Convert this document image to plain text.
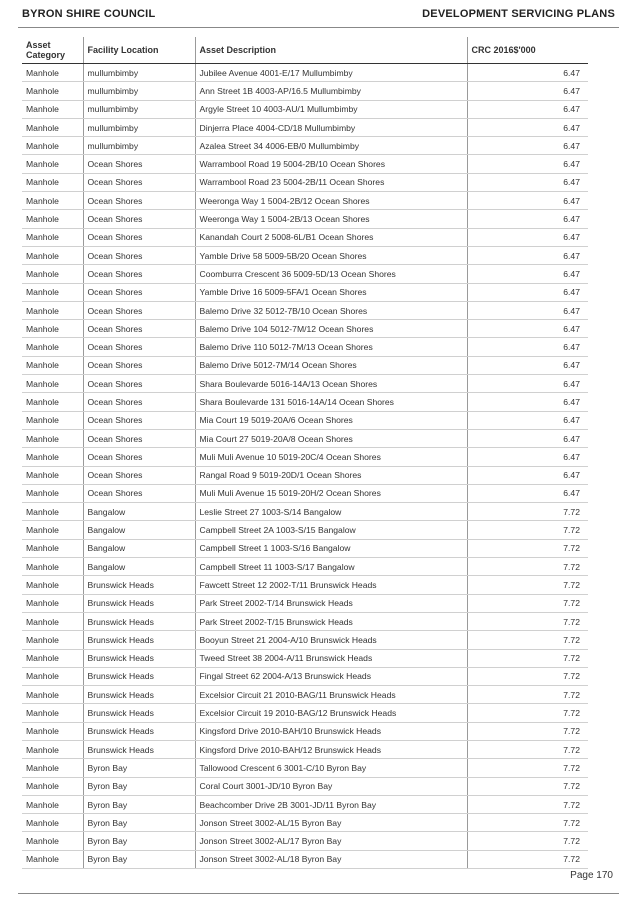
BYRON SHIRE COUNCIL	DEVELOPMENT SERVICING PLANS
Asset Category	Facility Location	Asset Description	CRC 2016$'000
Manhole	mullumbimby	Jubilee Avenue 4001-E/17 Mullumbimby	6.47
Manhole	mullumbimby	Ann Street 1B 4003-AP/16.5 Mullumbimby	6.47
Manhole	mullumbimby	Argyle Street 10 4003-AU/1 Mullumbimby	6.47
Manhole	mullumbimby	Dinjerra Place 4004-CD/18 Mullumbimby	6.47
Manhole	mullumbimby	Azalea Street 34 4006-EB/0 Mullumbimby	6.47
Manhole	Ocean Shores	Warrambool Road 19 5004-2B/10 Ocean Shores	6.47
Manhole	Ocean Shores	Warrambool Road 23 5004-2B/11 Ocean Shores	6.47
Manhole	Ocean Shores	Weeronga Way 1 5004-2B/12 Ocean Shores	6.47
Manhole	Ocean Shores	Weeronga Way 1 5004-2B/13 Ocean Shores	6.47
Manhole	Ocean Shores	Kanandah Court 2 5008-6L/B1 Ocean Shores	6.47
Manhole	Ocean Shores	Yamble Drive 58 5009-5B/20 Ocean Shores	6.47
Manhole	Ocean Shores	Coomburra Crescent 36 5009-5D/13 Ocean Shores	6.47
Manhole	Ocean Shores	Yamble Drive 16 5009-5FA/1 Ocean Shores	6.47
Manhole	Ocean Shores	Balemo Drive 32 5012-7B/10 Ocean Shores	6.47
Manhole	Ocean Shores	Balemo Drive 104 5012-7M/12 Ocean Shores	6.47
Manhole	Ocean Shores	Balemo Drive 110 5012-7M/13 Ocean Shores	6.47
Manhole	Ocean Shores	Balemo Drive 5012-7M/14 Ocean Shores	6.47
Manhole	Ocean Shores	Shara Boulevarde 5016-14A/13 Ocean Shores	6.47
Manhole	Ocean Shores	Shara Boulevarde 131 5016-14A/14 Ocean Shores	6.47
Manhole	Ocean Shores	Mia Court 19 5019-20A/6 Ocean Shores	6.47
Manhole	Ocean Shores	Mia Court 27 5019-20A/8 Ocean Shores	6.47
Manhole	Ocean Shores	Muli Muli Avenue 10 5019-20C/4 Ocean Shores	6.47
Manhole	Ocean Shores	Rangal Road 9 5019-20D/1 Ocean Shores	6.47
Manhole	Ocean Shores	Muli Muli Avenue 15 5019-20H/2 Ocean Shores	6.47
Manhole	Bangalow	Leslie Street 27 1003-S/14 Bangalow	7.72
Manhole	Bangalow	Campbell Street 2A 1003-S/15 Bangalow	7.72
Manhole	Bangalow	Campbell Street 1 1003-S/16 Bangalow	7.72
Manhole	Bangalow	Campbell Street 11 1003-S/17 Bangalow	7.72
Manhole	Brunswick Heads	Fawcett Street 12 2002-T/11 Brunswick Heads	7.72
Manhole	Brunswick Heads	Park Street 2002-T/14 Brunswick Heads	7.72
Manhole	Brunswick Heads	Park Street 2002-T/15 Brunswick Heads	7.72
Manhole	Brunswick Heads	Booyun Street 21 2004-A/10 Brunswick Heads	7.72
Manhole	Brunswick Heads	Tweed Street 38 2004-A/11 Brunswick Heads	7.72
Manhole	Brunswick Heads	Fingal Street 62 2004-A/13 Brunswick Heads	7.72
Manhole	Brunswick Heads	Excelsior Circuit 21 2010-BAG/11 Brunswick Heads	7.72
Manhole	Brunswick Heads	Excelsior Circuit 19 2010-BAG/12 Brunswick Heads	7.72
Manhole	Brunswick Heads	Kingsford Drive 2010-BAH/10 Brunswick Heads	7.72
Manhole	Brunswick Heads	Kingsford Drive 2010-BAH/12 Brunswick Heads	7.72
Manhole	Byron Bay	Tallowood Crescent 6 3001-C/10 Byron Bay	7.72
Manhole	Byron Bay	Coral Court 3001-JD/10 Byron Bay	7.72
Manhole	Byron Bay	Beachcomber Drive 2B 3001-JD/11 Byron Bay	7.72
Manhole	Byron Bay	Jonson Street 3002-AL/15 Byron Bay	7.72
Manhole	Byron Bay	Jonson Street 3002-AL/17 Byron Bay	7.72
Manhole	Byron Bay	Jonson Street 3002-AL/18 Byron Bay	7.72
Page 170
